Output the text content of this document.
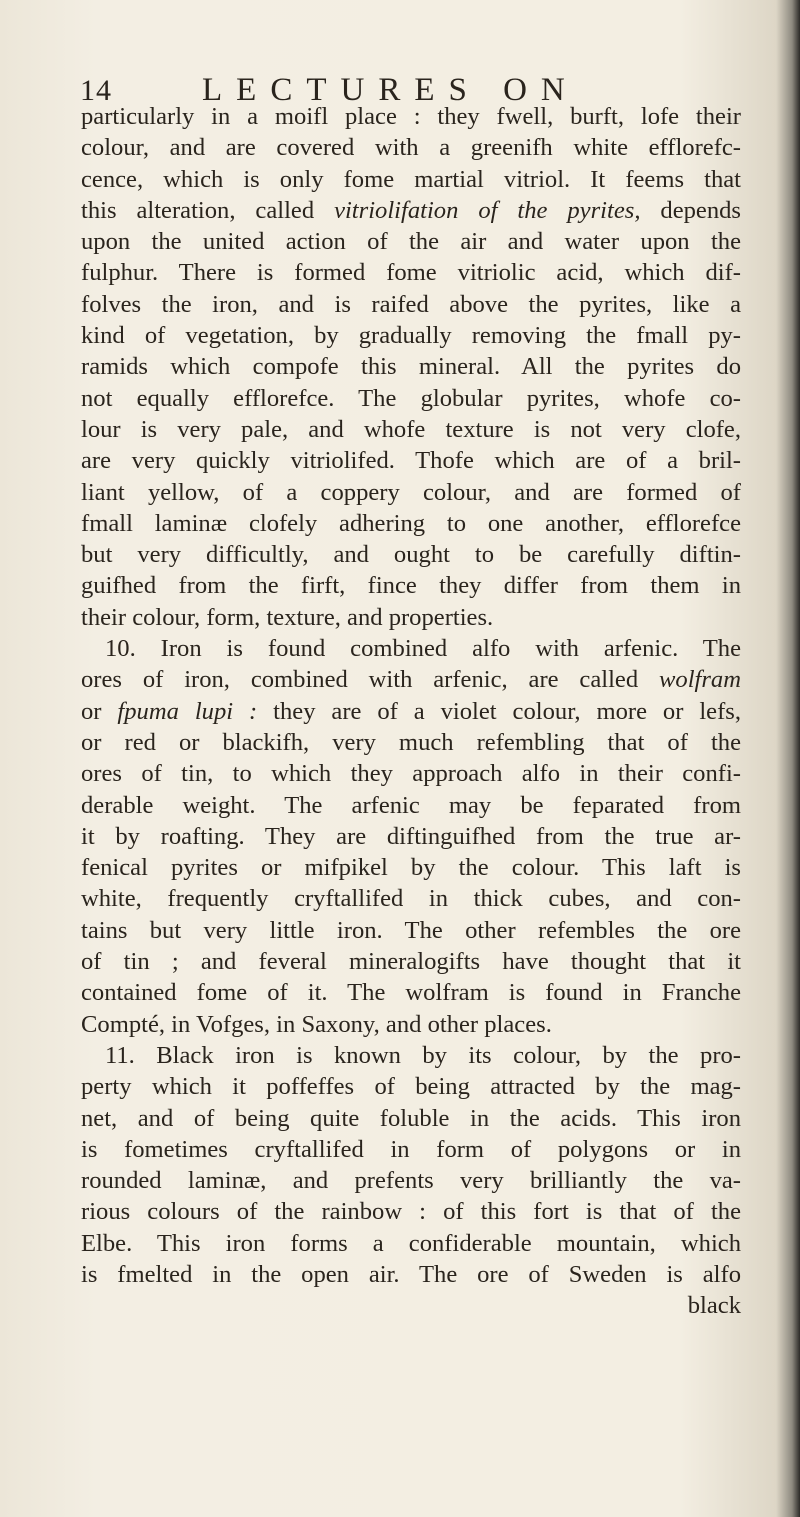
14	LECTURES ON
particularly in a moifl place : they fwell, burft, lofe their
colour, and are covered with a greenifh white efflorefc-
cence, which is only fome martial vitriol. It feems that
this alteration, called vitriolifation of the pyrites, depends
upon the united action of the air and water upon the
fulphur. There is formed fome vitriolic acid, which dif-
folves the iron, and is raifed above the pyrites, like a
kind of vegetation, by gradually removing the fmall py-
ramids which compofe this mineral. All the pyrites do
not equally efflorefce. The globular pyrites, whofe co-
lour is very pale, and whofe texture is not very clofe,
are very quickly vitriolifed. Thofe which are of a bril-
liant yellow, of a coppery colour, and are formed of
fmall laminæ clofely adhering to one another, efflorefce
but very difficultly, and ought to be carefully diftin-
guifhed from the firft, fince they differ from them in
their colour, form, texture, and properties.
10. Iron is found combined alfo with arfenic. The
ores of iron, combined with arfenic, are called wolfram
or fpuma lupi : they are of a violet colour, more or lefs,
or red or blackifh, very much refembling that of the
ores of tin, to which they approach alfo in their confi-
derable weight. The arfenic may be feparated from
it by roafting. They are diftinguifhed from the true ar-
fenical pyrites or mifpikel by the colour. This laft is
white, frequently cryftallifed in thick cubes, and con-
tains but very little iron. The other refembles the ore
of tin ; and feveral mineralogifts have thought that it
contained fome of it. The wolfram is found in Franche
Compté, in Vofges, in Saxony, and other places.
11. Black iron is known by its colour, by the pro-
perty which it poffeffes of being attracted by the mag-
net, and of being quite foluble in the acids. This iron
is fometimes cryftallifed in form of polygons or in
rounded laminæ, and prefents very brilliantly the va-
rious colours of the rainbow : of this fort is that of the
Elbe. This iron forms a confiderable mountain, which
is fmelted in the open air. The ore of Sweden is alfo
black
